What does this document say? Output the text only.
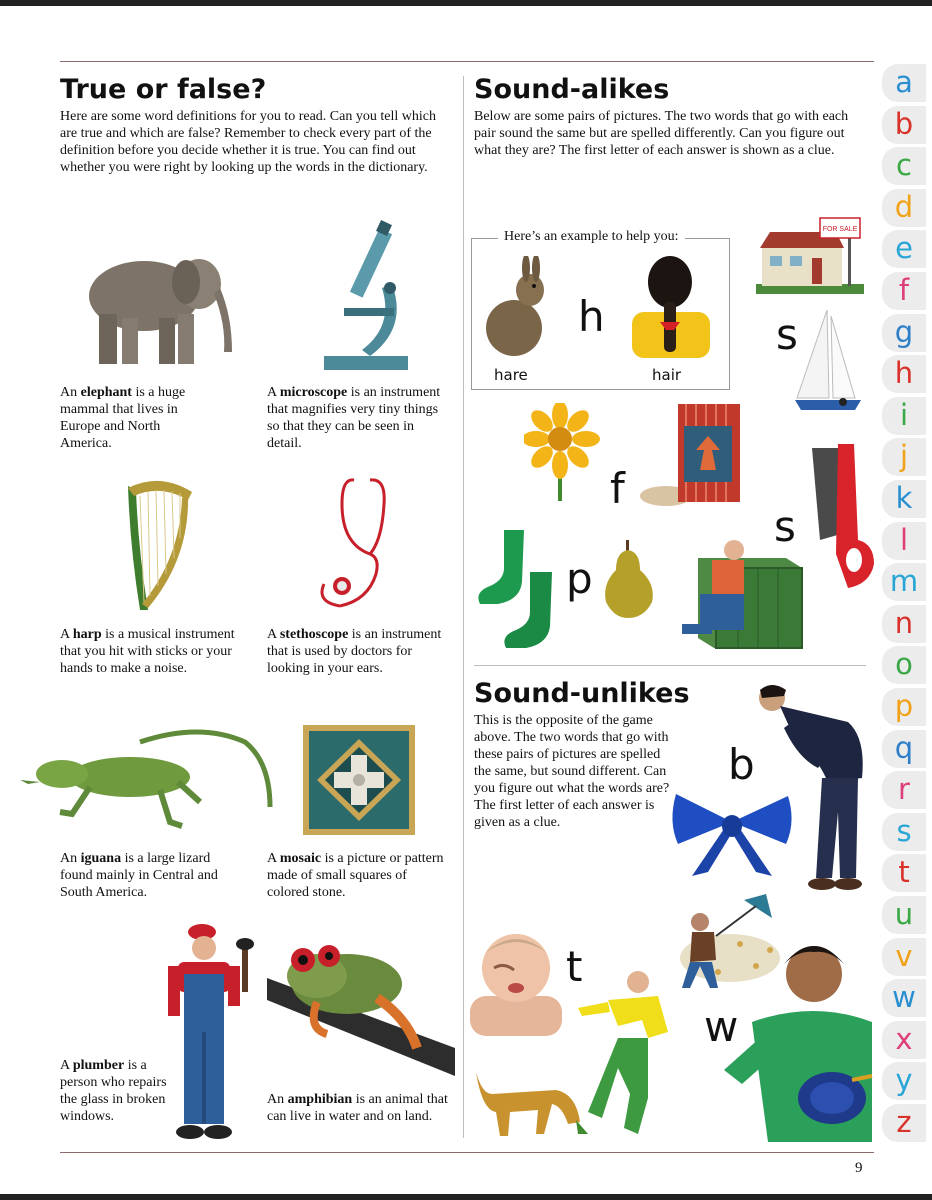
True or false?

Here are some word definitions for you to read. Can you tell which are true and which are false? Remember to check every part of the definition before you decide whether it is true. You can find out whether you were right by looking up the words in the dictionary.

An elephant is a huge mammal that lives in Europe and North America.

A microscope is an instrument that magnifies very tiny things so that they can be seen in detail.

A harp is a musical instrument that you hit with sticks or your hands to make a noise.

A stethoscope is an instrument that is used by doctors for looking in your ears.

An iguana is a large lizard found mainly in Central and South America.

A mosaic is a picture or pattern made of small squares of colored stone.

A plumber is a person who repairs the glass in broken windows.

An amphibian is an animal that can live in water and on land.

Sound-alikes

Below are some pairs of pictures. The two words that go with each pair sound the same but are spelled differently. Can you figure out what they are? The first letter of each answer is shown as a clue.

Here’s an example to help you:
h
hare	hair
FOR SALE
s
f
s
p
Sound-unlikes

This is the opposite of the game above. The two words that go with these pairs of pictures are spelled the same, but sound different. Can you figure out what the words are? The first letter of each answer is given as a clue.

b
t
w
a
b
c
d
e
f
g
h
i
j
k
l
m
n
o
p
q
r
s
t
u
v
w
x
y
z
9
